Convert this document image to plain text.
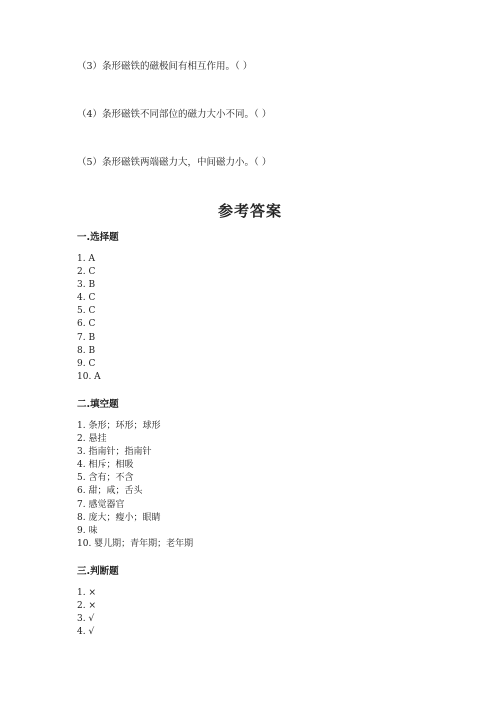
（3）条形磁铁的磁极间有相互作用。（ ）
（4）条形磁铁不同部位的磁力大小不同。（ ）
（5）条形磁铁两端磁力大，中间磁力小。（ ）
参考答案
一.选择题
1. A
2. C
3. B
4. C
5. C
6. C
7. B
8. B
9. C
10. A
二.填空题
1. 条形；环形；球形
2. 悬挂
3. 指南针；指南针
4. 相斥；相吸
5. 含有；不含
6. 甜；咸；舌头
7. 感觉器官
8. 庞大；瘦小；眼睛
9. 味
10. 婴儿期；青年期；老年期
三.判断题
1. ×
2. ×
3. √
4. √
